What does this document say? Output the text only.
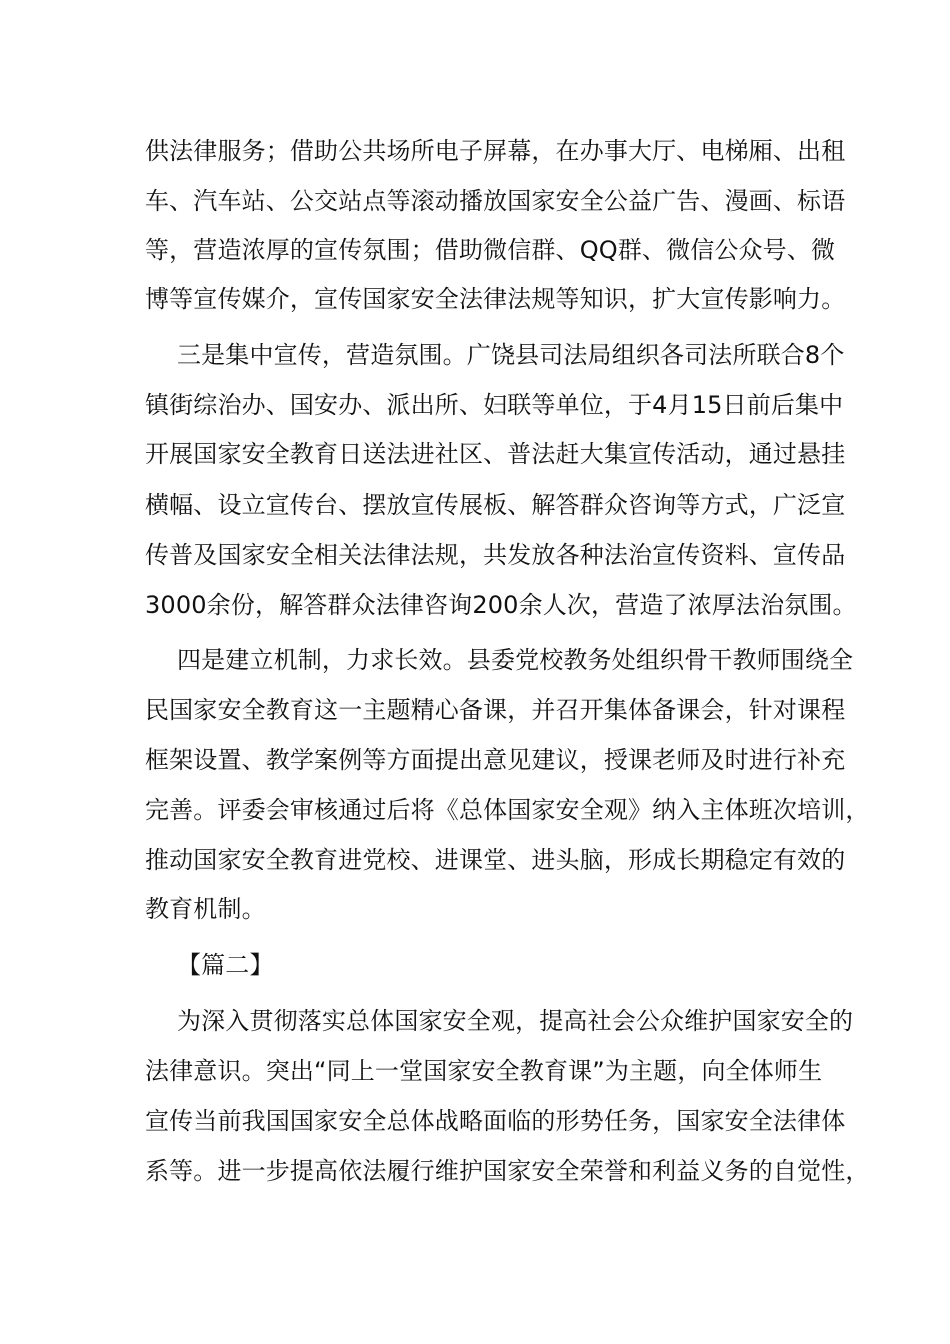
供法律服务；借助公共场所电子屏幕，在办事大厅、电梯厢、出租
车、汽车站、公交站点等滚动播放国家安全公益广告、漫画、标语
等，营造浓厚的宣传氛围；借助微信群、QQ群、微信公众号、微
博等宣传媒介，宣传国家安全法律法规等知识，扩大宣传影响力。
三是集中宣传，营造氛围。广饶县司法局组织各司法所联合8个
镇街综治办、国安办、派出所、妇联等单位，于4月15日前后集中
开展国家安全教育日送法进社区、普法赶大集宣传活动，通过悬挂
横幅、设立宣传台、摆放宣传展板、解答群众咨询等方式，广泛宣
传普及国家安全相关法律法规，共发放各种法治宣传资料、宣传品
3000余份，解答群众法律咨询200余人次，营造了浓厚法治氛围。
四是建立机制，力求长效。县委党校教务处组织骨干教师围绕全
民国家安全教育这一主题精心备课，并召开集体备课会，针对课程
框架设置、教学案例等方面提出意见建议，授课老师及时进行补充
完善。评委会审核通过后将《总体国家安全观》纳入主体班次培训，
推动国家安全教育进党校、进课堂、进头脑，形成长期稳定有效的
教育机制。
【篇二】
为深入贯彻落实总体国家安全观，提高社会公众维护国家安全的
法律意识。突出“同上一堂国家安全教育课”为主题，向全体师生
宣传当前我国国家安全总体战略面临的形势任务，国家安全法律体
系等。进一步提高依法履行维护国家安全荣誉和利益义务的自觉性，
